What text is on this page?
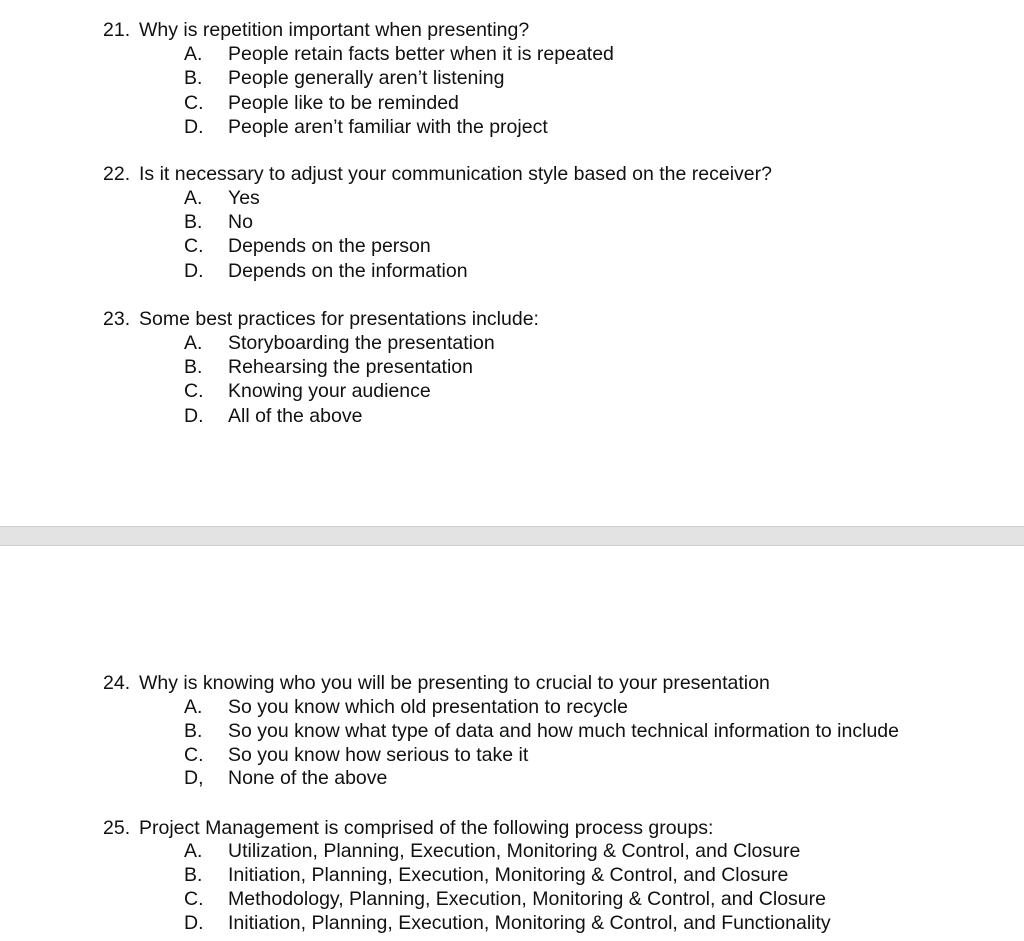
21. Why is repetition important when presenting?
A. People retain facts better when it is repeated
B. People generally aren’t listening
C. People like to be reminded
D. People aren’t familiar with the project
22. Is it necessary to adjust your communication style based on the receiver?
A. Yes
B. No
C. Depends on the person
D. Depends on the information
23. Some best practices for presentations include:
A. Storyboarding the presentation
B. Rehearsing the presentation
C. Knowing your audience
D. All of the above
24. Why is knowing who you will be presenting to crucial to your presentation
A. So you know which old presentation to recycle
B. So you know what type of data and how much technical information to include
C. So you know how serious to take it
D, None of the above
25. Project Management is comprised of the following process groups:
A. Utilization, Planning, Execution, Monitoring & Control, and Closure
B. Initiation, Planning, Execution, Monitoring & Control, and Closure
C. Methodology, Planning, Execution, Monitoring & Control, and Closure
D. Initiation, Planning, Execution, Monitoring & Control, and Functionality
